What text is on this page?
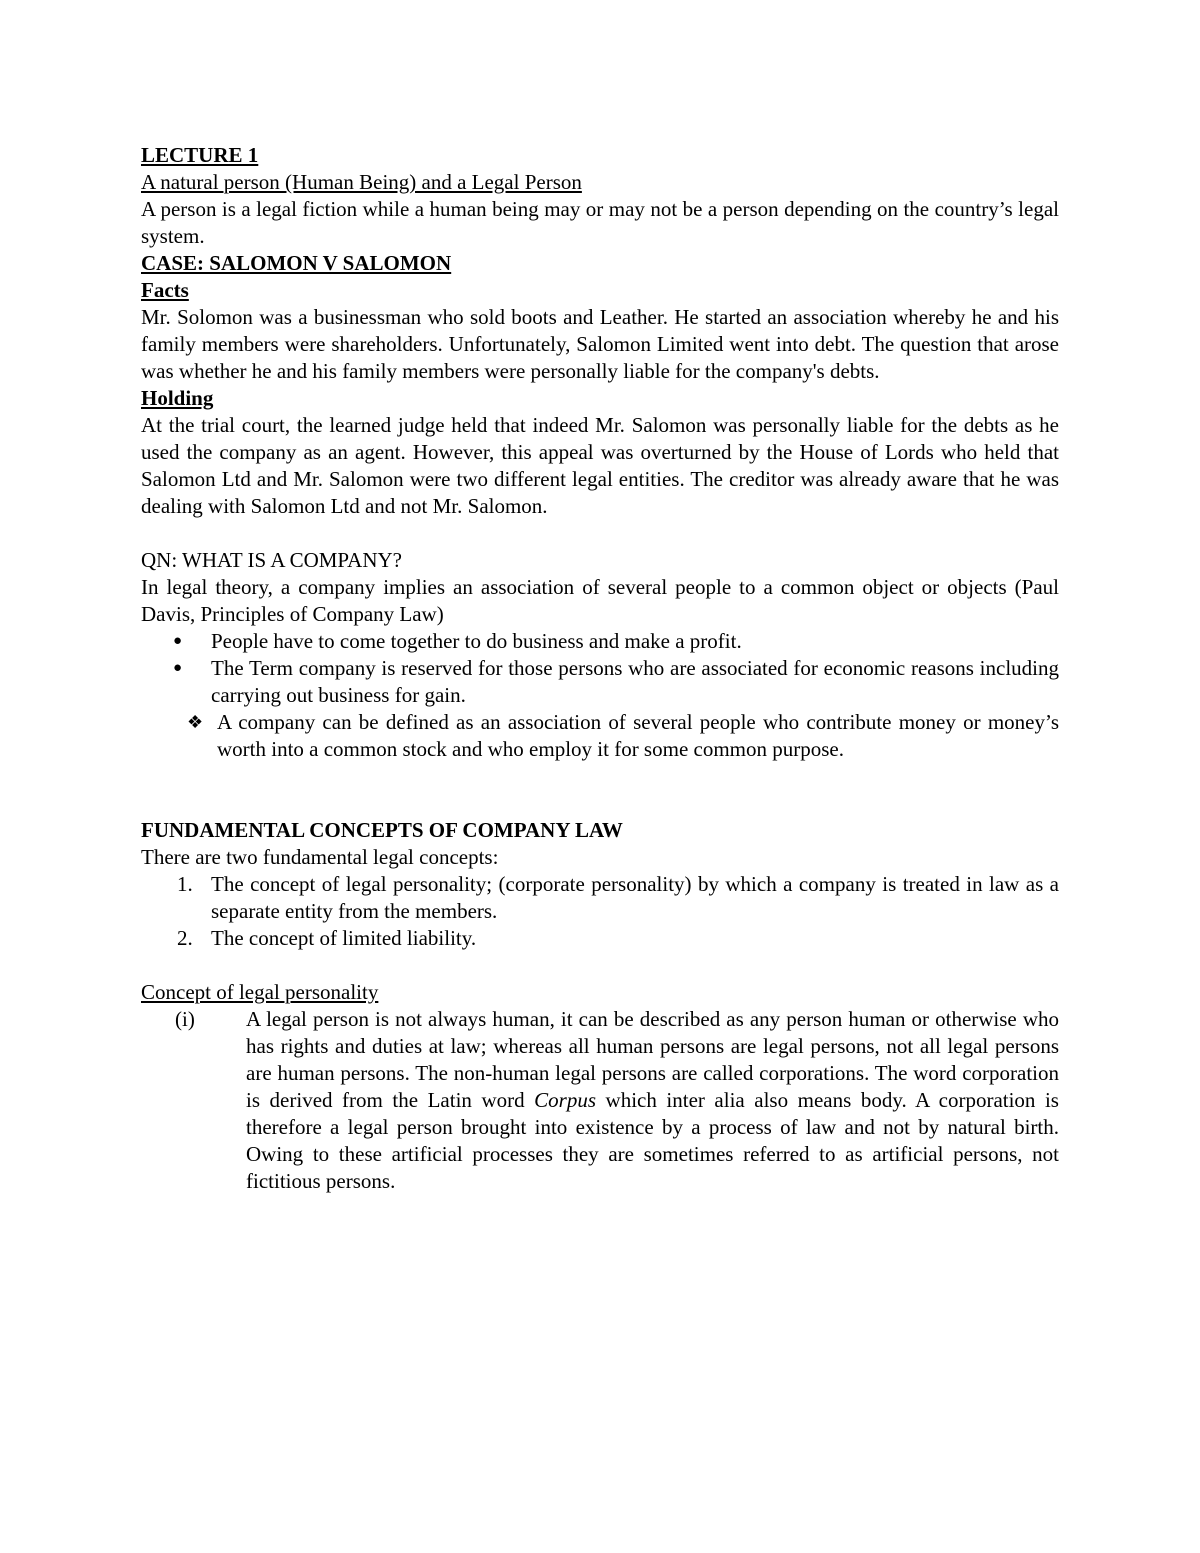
LECTURE 1

A natural person (Human Being) and a Legal Person

A person is a legal fiction while a human being may or may not be a person depending on the country’s legal system.

CASE: SALOMON V SALOMON

Facts

Mr. Solomon was a businessman who sold boots and Leather. He started an association whereby he and his family members were shareholders. Unfortunately, Salomon Limited went into debt. The question that arose was whether he and his family members were personally liable for the company's debts.

Holding

At the trial court, the learned judge held that indeed Mr. Salomon was personally liable for the debts as he used the company as an agent. However, this appeal was overturned by the House of Lords who held that Salomon Ltd and Mr. Salomon were two different legal entities. The creditor was already aware that he was dealing with Salomon Ltd and not Mr. Salomon.

QN: WHAT IS A COMPANY?

In legal theory, a company implies an association of several people to a common object or objects (Paul Davis, Principles of Company Law)

● People have to come together to do business and make a profit.
● The Term company is reserved for those persons who are associated for economic reasons including carrying out business for gain.
❖ A company can be defined as an association of several people who contribute money or money’s worth into a common stock and who employ it for some common purpose.

FUNDAMENTAL CONCEPTS OF COMPANY LAW

There are two fundamental legal concepts:

1. The concept of legal personality; (corporate personality) by which a company is treated in law as a separate entity from the members.
2. The concept of limited liability.

Concept of legal personality

(i) A legal person is not always human, it can be described as any person human or otherwise who has rights and duties at law; whereas all human persons are legal persons, not all legal persons are human persons. The non-human legal persons are called corporations. The word corporation is derived from the Latin word Corpus which inter alia also means body. A corporation is therefore a legal person brought into existence by a process of law and not by natural birth. Owing to these artificial processes they are sometimes referred to as artificial persons, not fictitious persons.
